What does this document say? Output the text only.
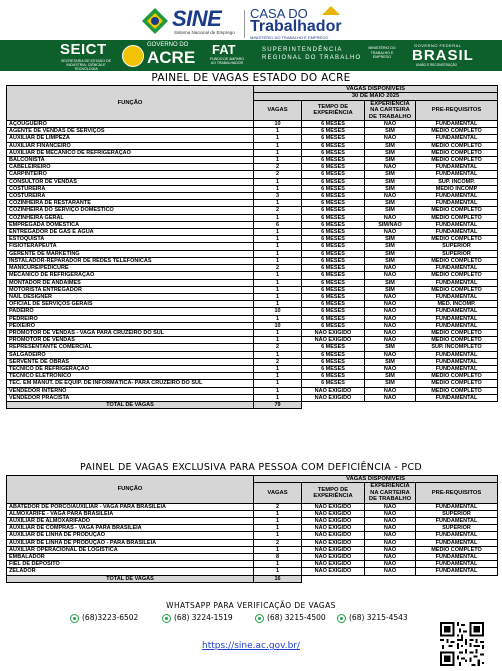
SINE
Sistema Nacional de Emprego
CASA DO
Trabalhador
MINISTÉRIO DO TRABALHO E EMPREGO
SEICT
SECRETARIA DE ESTADO DE INDÚSTRIA, CIÊNCIA E TECNOLOGIA
GOVERNO DO
ACRE FAT
FUNDO DE AMPARO AO TRABALHADOR
SUPERINTENDÊNCIA
REGIONAL DO TRABALHO
MINISTÉRIO DO TRABALHO E EMPREGO
GOVERNO FEDERAL
BRASIL
UNIÃO E RECONSTRUÇÃO
PAINEL DE VAGAS ESTADO DO ACRE
FUNÇÃO	VAGAS DISPONÍVEIS			
	30 DE MAIO 2025			
	VAGAS	TEMPO DE EXPERIÊNCIA	EXPERIÊNCIA NA CARTEIRA DE TRABALHO	PRE-REQUISITOS

AÇOUGUEIRO	10	6 MESES	NÃO	FUNDAMENTAL
AGENTE DE VENDAS DE SERVIÇOS	1	6 MESES	SIM	MÉDIO COMPLETO
AUXILIAR DE LIMPEZA	1	6 MESES	NÃO	FUNDAMENTAL
AUXILIAR FINANCEIRO	1	6 MESES	SIM	MÉDIO COMPLETO
AUXILIAR DE MECÂNICO DE REFRIGERAÇÃO	1	6 MESES	SIM	MÉDIO COMPLETO
BALCONISTA	1	6 MESES	SIM	MÉDIO COMPLETO
CABELEIREIRO	2	6 MESES	NÃO	FUNDAMENTAL
CARPINTEIRO	2	6 MESES	SIM	FUNDAMENTAL
CONSULTOR DE VENDAS	1	6 MESES	SIM	SUP. INCOMP.
COSTUREIRA	1	6 MESES	SIM	MÉDIO INCOMP
COSTUREIRA	3	6 MESES	NÃO	FUNDAMENTAL
COZINHEIRA DE RESTARANTE	1	6 MESES	SIM	FUNDAMENTAL
COZINHEIRA DO SERVIÇO DOMÉSTICO	2	6 MESES	SIM	MÉDIO COMPLETO
COZINHEIRA GERAL	1	6 MESES	NÃO	MÉDIO COMPLETO
EMPREGADA DOMÉSTICA	6	6 MESES	SIM/NÃO	FUNDAMENTAL
ENTREGADOR DE GÁS E ÁGUA	1	6 MESES	NÃO	FUNDAMENTAL
ESTOQUISTA	1	6 MESES	SIM	MÉDIO COMPLETO
FISIOTERAPEUTA	1	6 MESES	SIM	SUPERIOR
GERENTE DE MARKETING	1	6 MESES	SIM	SUPERIOR
INSTALADOR-REPARADOR DE REDES TELEFÔNICAS	1	6 MESES	SIM	MÉDIO COMPLETO
MANICURE/PEDICURE	2	6 MESES	NÃO	FUNDAMENTAL
MECÂNICO DE REFRIGERAÇÃO	1	6 MESES	NÃO	MÉDIO COMPLETO
MONTADOR DE ANDAIMES	1	6 MESES	SIM	FUNDAMENTAL
MOTORISTA ENTREGADOR	1	6 MESES	SIM	MÉDIO COMPLETO
NAIL DESIGNER	1	6 MESES	NÃO	FUNDAMENTAL
OFICIAL DE SERVIÇOS GERAIS	1	6 MESES	NÃO	MÉD. INCOMP.
PADEIRO	10	6 MESES	NÃO	FUNDAMENTAL
PEDREIRO	1	6 MESES	NÃO	FUNDAMENTAL
PEIXEIRO	10	6 MESES	NÃO	FUNDAMENTAL
PROMOTOR DE VENDAS - VAGA PARA CRUZEIRO DO SUL	1	NÃO EXIGIDO	NÃO	MÉDIO COMPLETO
PROMOTOR DE VENDAS	1	NÃO EXIGIDO	NÃO	MÉDIO COMPLETO
REPRESENTANTE COMERCIAL	2	6 MESES	SIM	SUP. INCOMPLETO
SALGADEIRO	1	6 MESES	NÃO	FUNDAMENTAL
SERVENTE DE OBRAS	2	6 MESES	SIM	FUNDAMENTAL
TÉCNICO DE REFRIGERAÇÃO	1	6 MESES	NÃO	FUNDAMENTAL
TÉCNICO ELETRÔNICO	1	6 MESES	SIM	MÉDIO COMPLETO
TÉC. EM MANUT. DE EQUIP. DE INFORMÁTICA- PARA CRUZEIRO DO SUL	1	6 MESES	SIM	MÉDIO COMPLETO
VENDEDOR INTERNO	1	NÃO EXIGIDO	NÃO	MÉDIO COMPLETO
VENDEDOR PRACISTA	1	NÃO EXIGIDO	NÃO	FUNDAMENTAL
TOTAL DE VAGAS	79			
PAINEL DE VAGAS EXCLUSIVA PARA PESSOA COM DEFICIÊNCIA - PCD
FUNÇÃO	VAGAS DISPONÍVEIS			
	VAGAS	TEMPO DE EXPERIÊNCIA	EXPERIÊNCIA NA CARTEIRA DE TRABALHO	PRE-REQUISITOS

ABATEDOR DE PORCO/AUXILIAR - VAGA PARA BRASILÉIA	2	NÃO EXIGIDO	NÃO	FUNDAMENTAL
ALMOXARIFE - VAGA PARA BRASILÉIA	1	NÃO EXIGIDO	NÃO	SUPERIOR
AUXILIAR DE ALMOXARIFADO	1	NÃO EXIGIDO	NÃO	FUNDAMENTAL
AUXILIAR DE COMPRAS - VAGA PARA BRASILÉIA	1	NÃO EXIGIDO	NÃO	SUPERIOR
AUXILIAR DE LINHA DE PRODUÇÃO	1	NÃO EXIGIDO	NÃO	FUNDAMENTAL
AUXILIAR DE LINHA DE PRODUÇÃO - PARA BRASILÉIA	2	NÃO EXIGIDO	NÃO	FUNDAMENTAL
AUXILIAR OPERACIONAL DE LOGÍSTICA	1	NÃO EXIGIDO	NÃO	MÉDIO COMPLETO
EMBALADOR	8	NÃO EXIGIDO	NÃO	FUNDAMENTAL
FIEL DE DEPOSITO	1	NÃO EXIGIDO	NÃO	FUNDAMENTAL
ZELADOR	1	NÃO EXIGIDO	NÃO	FUNDAMENTAL
TOTAL DE VAGAS	16			
WHATSAPP PARA VERIFICAÇÃO DE VAGAS
(68)3223-6502	(68) 3224-1519	(68) 3215-4500	(68) 3215-4543
https://sine.ac.gov.br/
